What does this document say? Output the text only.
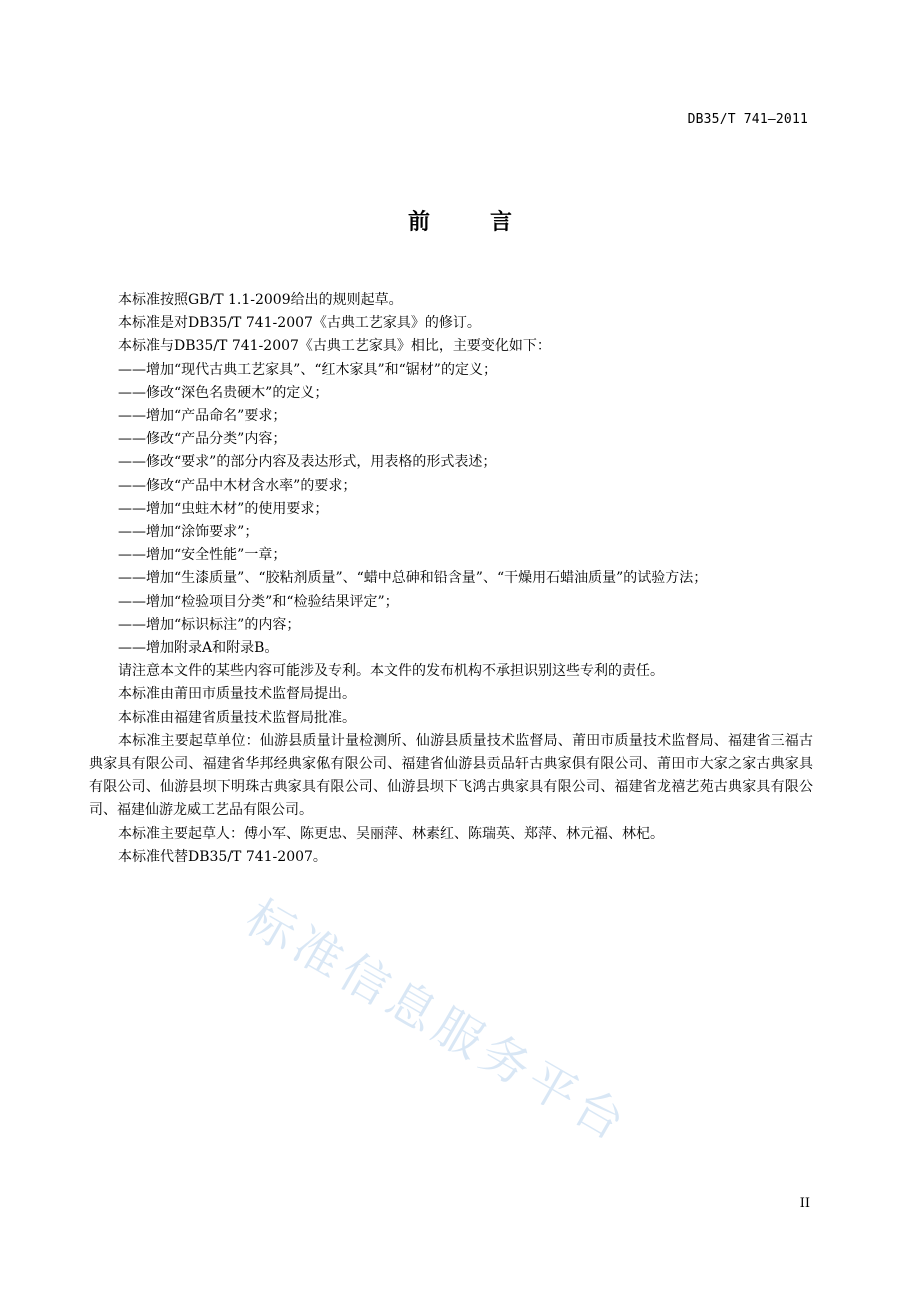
DB35/T 741—2011
前	言

本标准按照GB/T 1.1-2009给出的规则起草。

本标准是对DB35/T 741-2007《古典工艺家具》的修订。

本标准与DB35/T 741-2007《古典工艺家具》相比，主要变化如下：

——增加“现代古典工艺家具”、“红木家具”和“锯材”的定义；

——修改“深色名贵硬木”的定义；

——增加“产品命名”要求；

——修改“产品分类”内容；

——修改“要求”的部分内容及表达形式，用表格的形式表述；

——修改“产品中木材含水率”的要求；

——增加“虫蛀木材”的使用要求；

——增加“涂饰要求”；

——增加“安全性能”一章；

——增加“生漆质量”、“胶粘剂质量”、“蜡中总砷和铅含量”、“干燥用石蜡油质量”的试验方法；

——增加“检验项目分类”和“检验结果评定”；

——增加“标识标注”的内容；

——增加附录A和附录B。

请注意本文件的某些内容可能涉及专利。本文件的发布机构不承担识别这些专利的责任。

本标准由莆田市质量技术监督局提出。

本标准由福建省质量技术监督局批准。

本标准主要起草单位：仙游县质量计量检测所、仙游县质量技术监督局、莆田市质量技术监督局、福建省三福古典家具有限公司、福建省华邦经典家俬有限公司、福建省仙游县贡品轩古典家俱有限公司、莆田市大家之家古典家具有限公司、仙游县坝下明珠古典家具有限公司、仙游县坝下飞鸿古典家具有限公司、福建省龙禧艺苑古典家具有限公司、福建仙游龙威工艺品有限公司。

本标准主要起草人：傅小军、陈更忠、吴丽萍、林素红、陈瑞英、郑萍、林元福、林杞。

本标准代替DB35/T 741-2007。

标准信息服务平台
II
